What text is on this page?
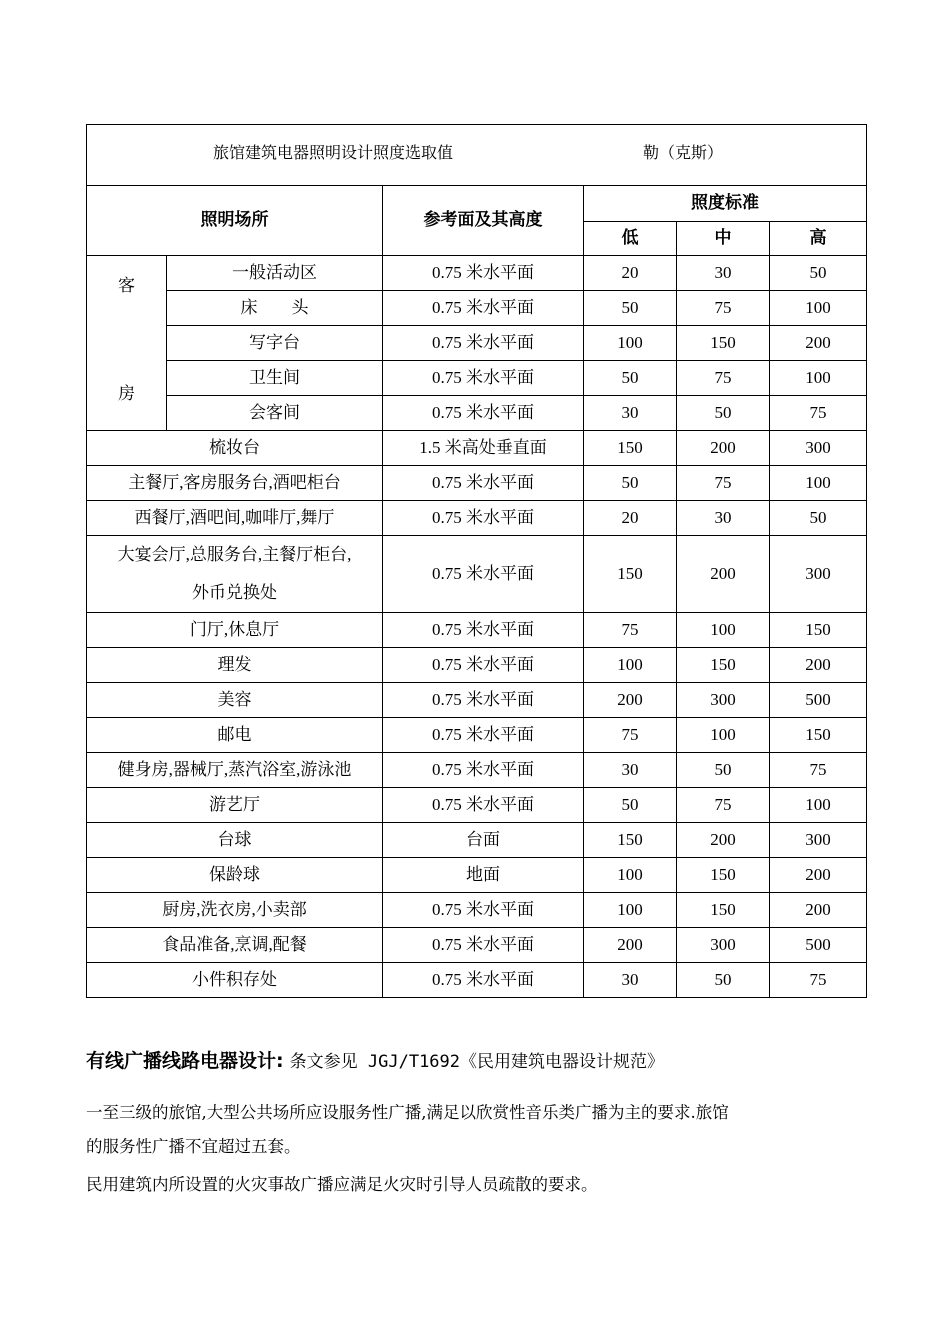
旅馆建筑电器照明设计照度选取值 勒（克斯）					

照明场所		参考面及其高度	照度标准		
			低	中	高

客
房	一般活动区	0.75 米水平面	20	30	50
	床　　头	0.75 米水平面	50	75	100
	写字台	0.75 米水平面	100	150	200
	卫生间	0.75 米水平面	50	75	100
	会客间	0.75 米水平面	30	50	75
梳妆台		1.5 米高处垂直面	150	200	300
主餐厅,客房服务台,酒吧柜台		0.75 米水平面	50	75	100
西餐厅,酒吧间,咖啡厅,舞厅		0.75 米水平面	20	30	50

大宴会厅,总服务台,主餐厅柜台,
外币兑换处		0.75 米水平面	150	200	300
门厅,休息厅		0.75 米水平面	75	100	150
理发		0.75 米水平面	100	150	200
美容		0.75 米水平面	200	300	500
邮电		0.75 米水平面	75	100	150
健身房,器械厅,蒸汽浴室,游泳池		0.75 米水平面	30	50	75
游艺厅		0.75 米水平面	50	75	100
台球		台面	150	200	300
保龄球		地面	100	150	200
厨房,洗衣房,小卖部		0.75 米水平面	100	150	200
食品准备,烹调,配餐		0.75 米水平面	200	300	500
小件积存处		0.75 米水平面	30	50	75
有线广播线路电器设计: 条文参见 JGJ/T1692《民用建筑电器设计规范》
一至三级的旅馆,大型公共场所应设服务性广播,满足以欣赏性音乐类广播为主的要求.旅馆
的服务性广播不宜超过五套。
民用建筑内所设置的火灾事故广播应满足火灾时引导人员疏散的要求。
